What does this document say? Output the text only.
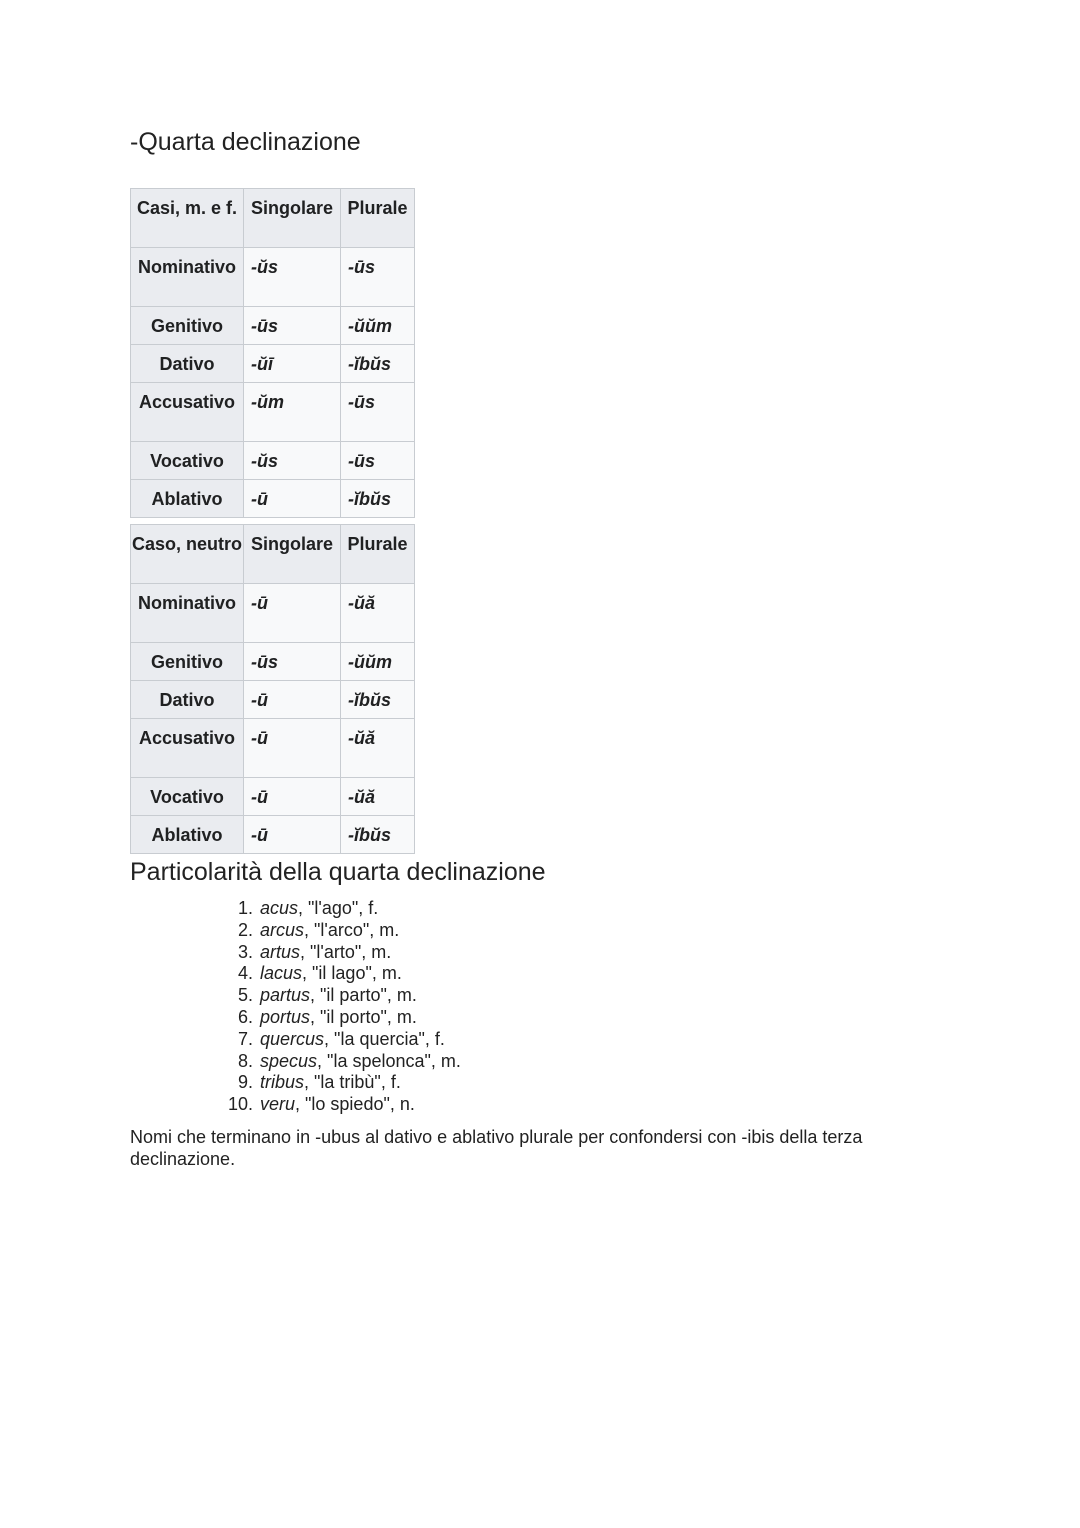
-Quarta declinazione
Casi, m. e f.	Singolare	Plurale
Nominativo	-ŭs	-ūs
Genitivo	-ūs	-ŭŭm
Dativo	-ŭī	-ĭbŭs
Accusativo	-ŭm	-ūs
Vocativo	-ŭs	-ūs
Ablativo	-ū	-ĭbŭs
Caso, neutro	Singolare	Plurale
Nominativo	-ū	-ŭă
Genitivo	-ūs	-ŭŭm
Dativo	-ū	-ĭbŭs
Accusativo	-ū	-ŭă
Vocativo	-ū	-ŭă
Ablativo	-ū	-ĭbŭs
Particolarità della quarta declinazione
1. acus, "l'ago", f.
2. arcus, "l'arco", m.
3. artus, "l'arto", m.
4. lacus, "il lago", m.
5. partus, "il parto", m.
6. portus, "il porto", m.
7. quercus, "la quercia", f.
8. specus, "la spelonca", m.
9. tribus, "la tribù", f.
10. veru, "lo spiedo", n.

Nomi che terminano in -ubus al dativo e ablativo plurale per confondersi con -ibis della terza declinazione.
